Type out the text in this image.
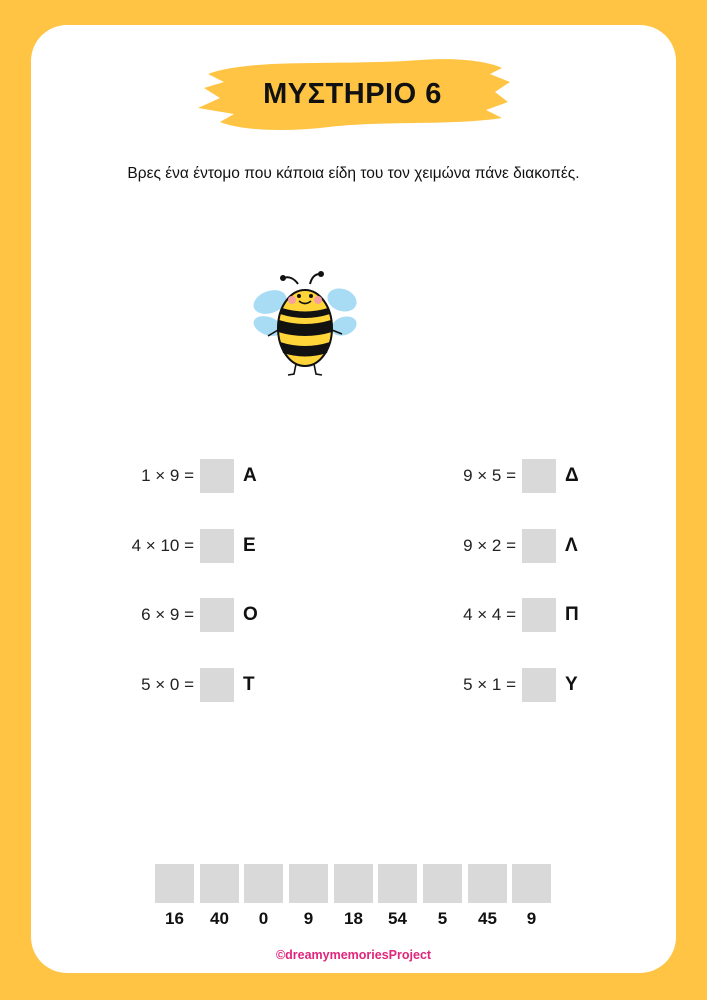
ΜΥΣΤΗΡΙΟ 6
Βρες ένα έντομο που κάποια είδη του τον χειμώνα πάνε διακοπές.
1 × 9 =	Α
4 × 10 =	Ε
6 × 9 =	Ο
5 × 0 =	Τ
9 × 5 =	Δ
9 × 2 =	Λ
4 × 4 =	Π
5 × 1 =	Υ
16	40	0	9	18	54	5	45	9
©dreamymemoriesProject
